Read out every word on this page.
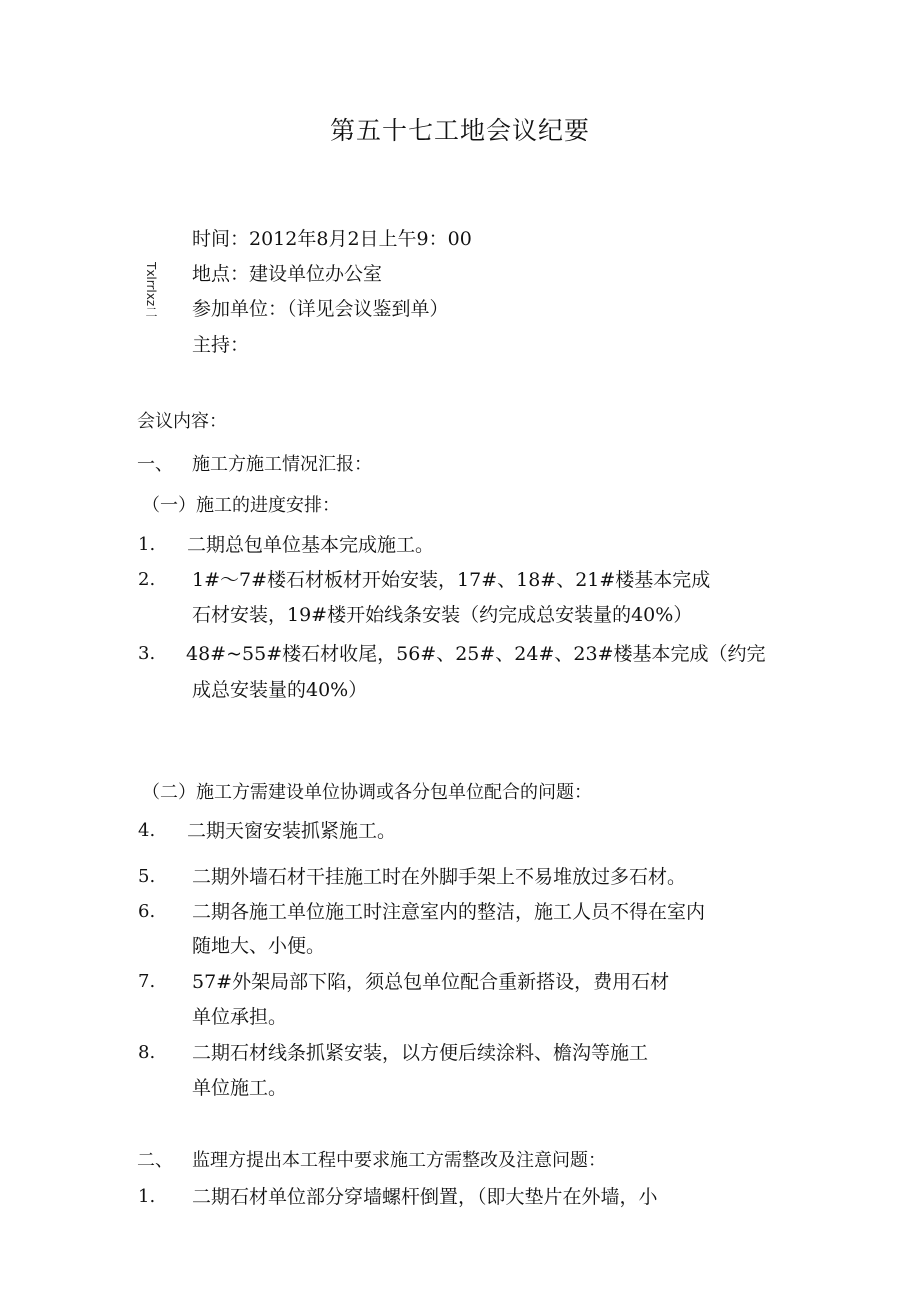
第五十七工地会议纪要
时间：2012年8月2日上午9：00
地点：建设单位办公室
参加单位：（详见会议鉴到单）
主持：
Txlrrlxz二
会议内容：
一、 施工方施工情况汇报：
（一）施工的进度安排：
1. 二期总包单位基本完成施工。
2. 1#～7#楼石材板材开始安装，17#、18#、21#楼基本完成
石材安装，19#楼开始线条安装（约完成总安装量的40%）
3. 48#~55#楼石材收尾，56#、25#、24#、23#楼基本完成（约完
成总安装量的40%）
（二）施工方需建设单位协调或各分包单位配合的问题：
4. 二期天窗安装抓紧施工。
5. 二期外墙石材干挂施工时在外脚手架上不易堆放过多石材。
6. 二期各施工单位施工时注意室内的整洁，施工人员不得在室内
随地大、小便。
7. 57#外架局部下陷，须总包单位配合重新搭设，费用石材
单位承担。
8. 二期石材线条抓紧安装，以方便后续涂料、檐沟等施工
单位施工。
二、 监理方提出本工程中要求施工方需整改及注意问题：
1. 二期石材单位部分穿墙螺杆倒置，（即大垫片在外墙，小
